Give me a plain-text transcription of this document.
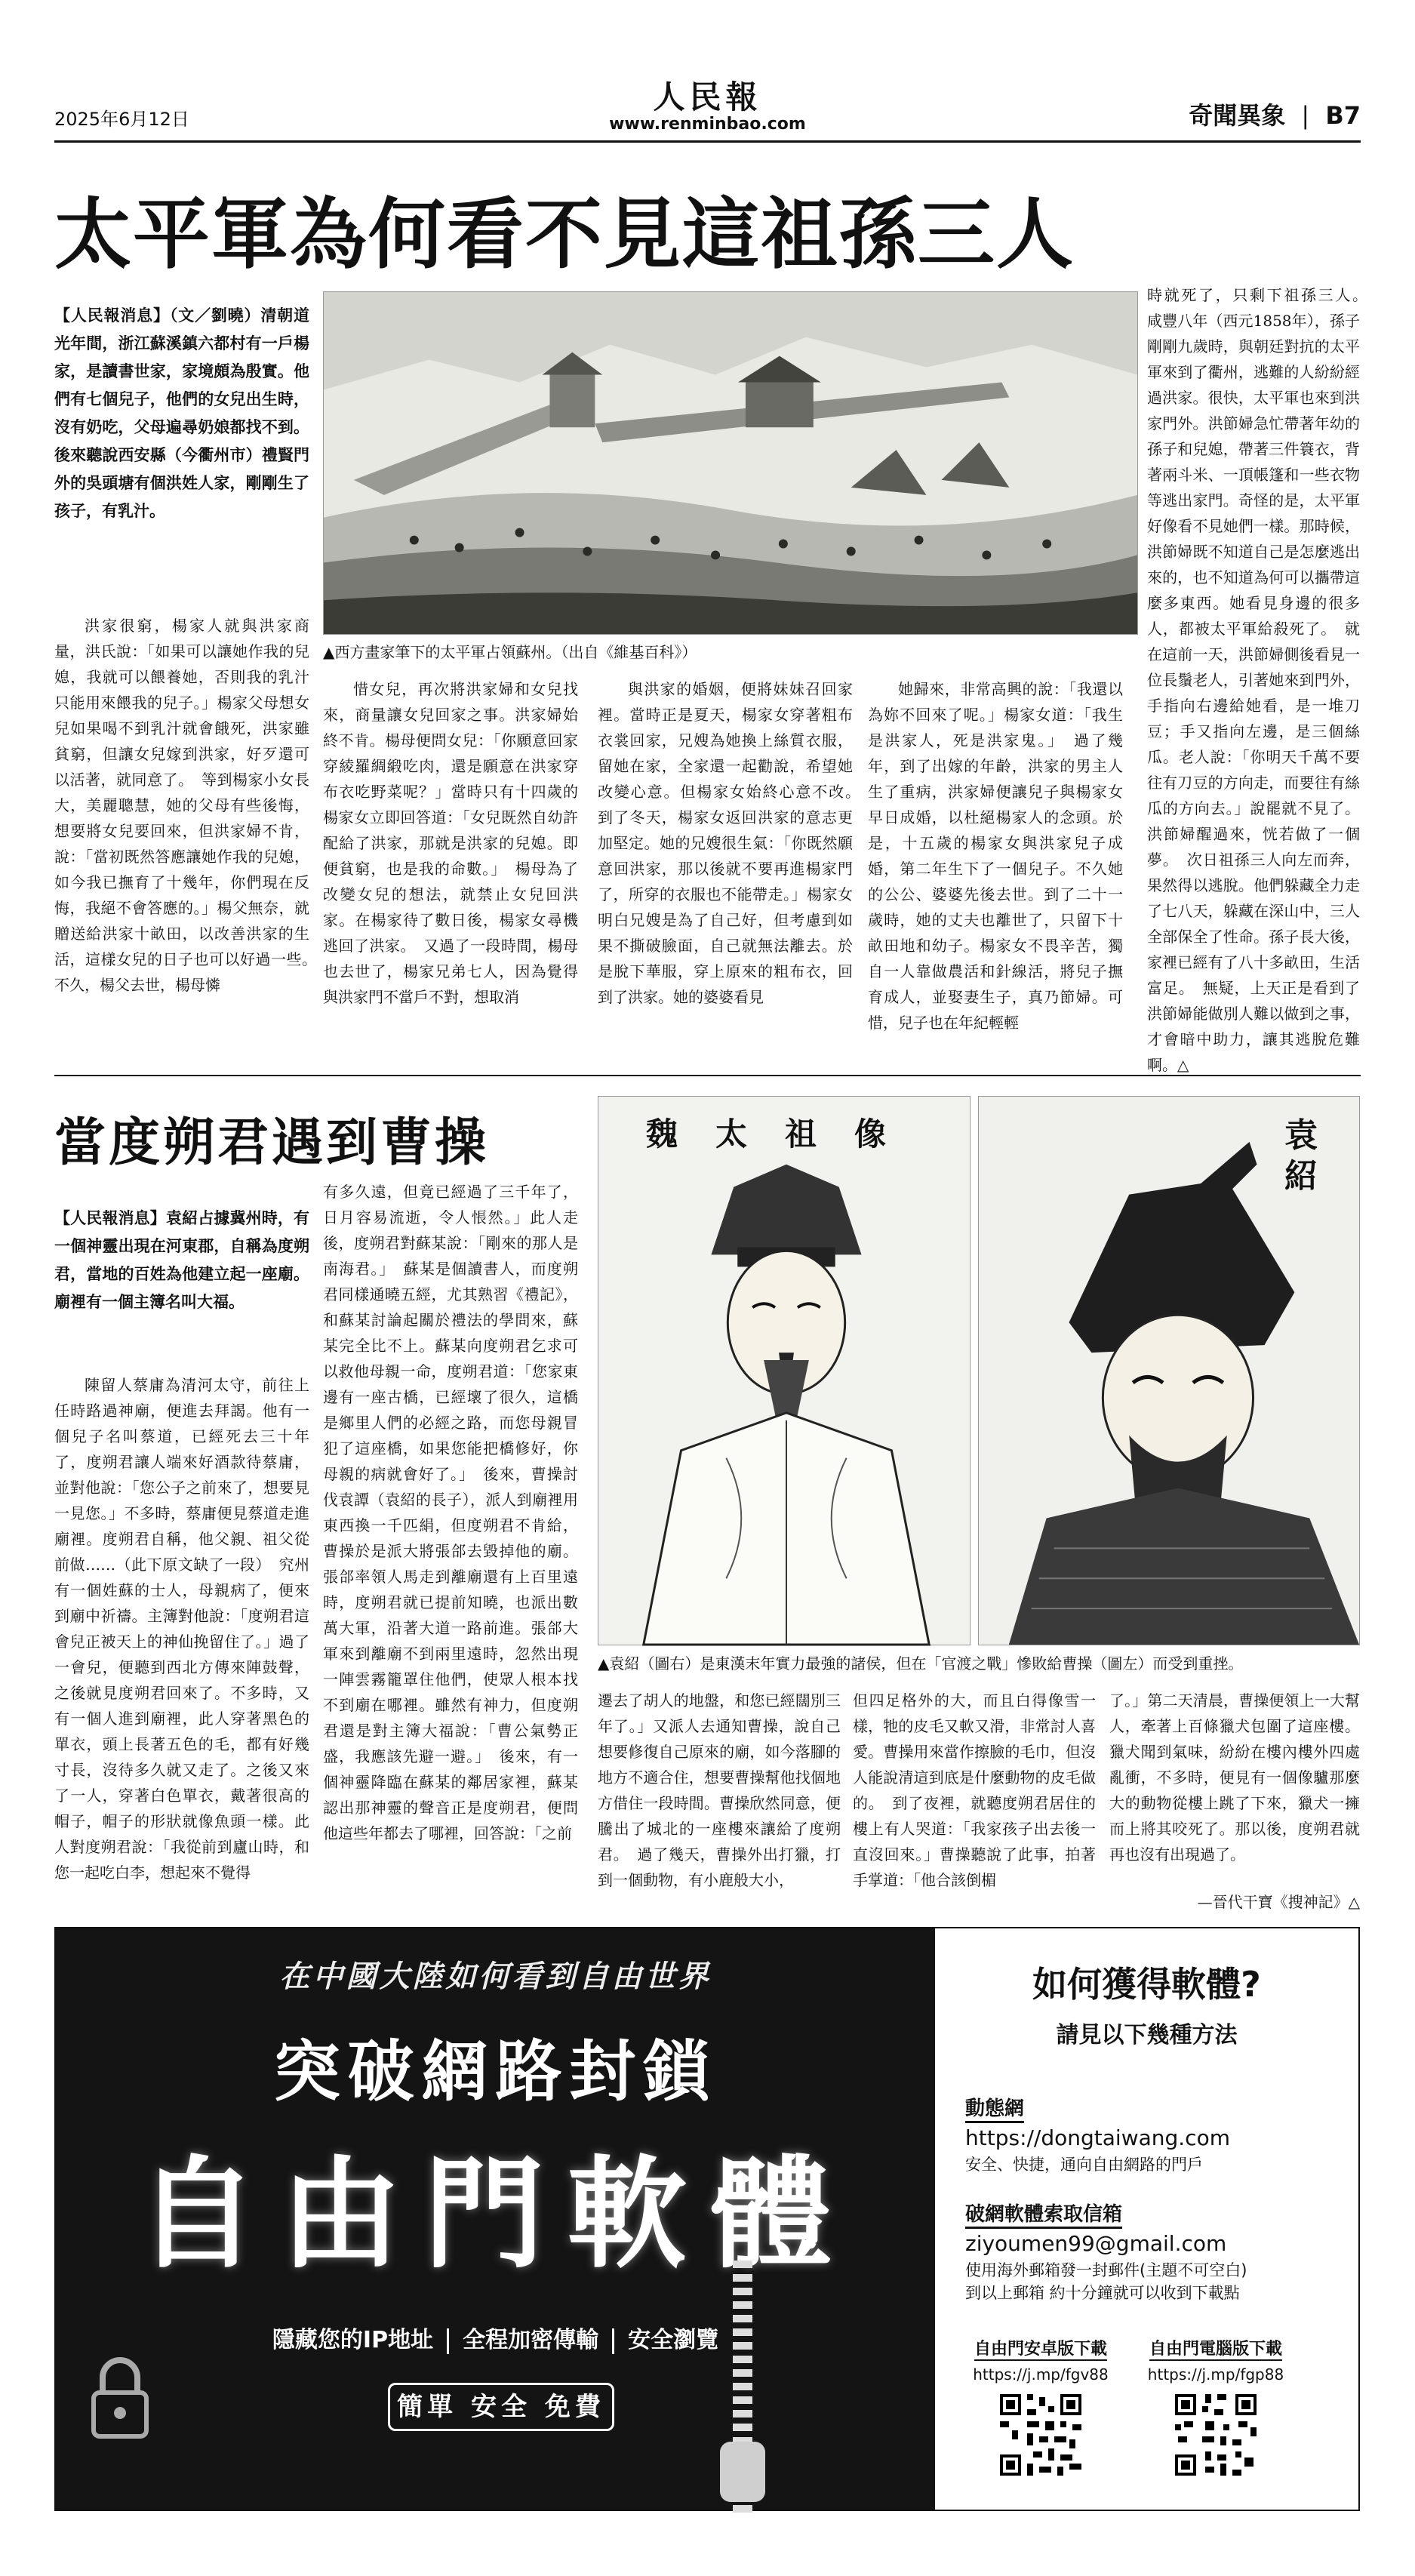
2025年6月12日
人民報
www.renminbao.com	奇聞異象 | B7
太平軍為何看不見這祖孫三人
【人民報消息】（文／劉曉）清朝道光年間，浙江蘇溪鎮六都村有一戶楊家，是讀書世家，家境頗為殷實。他們有七個兒子，他們的女兒出生時，沒有奶吃，父母遍尋奶娘都找不到。後來聽說西安縣（今衢州市）禮賢門外的吳頭塘有個洪姓人家，剛剛生了孩子，有乳汁。
▲西方畫家筆下的太平軍占領蘇州。（出自《維基百科》）
洪家很窮，楊家人就與洪家商量，洪氏說：「如果可以讓她作我的兒媳，我就可以餵養她，否則我的乳汁只能用來餵我的兒子。」楊家父母想女兒如果喝不到乳汁就會餓死，洪家雖貧窮，但讓女兒嫁到洪家，好歹還可以活著，就同意了。　等到楊家小女長大，美麗聰慧，她的父母有些後悔，想要將女兒要回來，但洪家婦不肯，說：「當初既然答應讓她作我的兒媳，如今我已撫育了十幾年，你們現在反悔，我絕不會答應的。」楊父無奈，就贈送給洪家十畝田，以改善洪家的生活，這樣女兒的日子也可以好過一些。　不久，楊父去世，楊母憐
惜女兒，再次將洪家婦和女兒找來，商量讓女兒回家之事。洪家婦始終不肯。楊母便問女兒：「你願意回家穿綾羅綢緞吃肉，還是願意在洪家穿布衣吃野菜呢？」當時只有十四歲的楊家女立即回答道：「女兒既然自幼許配給了洪家，那就是洪家的兒媳。即便貧窮，也是我的命數。」　楊母為了改變女兒的想法，就禁止女兒回洪家。在楊家待了數日後，楊家女尋機逃回了洪家。　又過了一段時間，楊母也去世了，楊家兄弟七人，因為覺得與洪家門不當戶不對，想取消
與洪家的婚姻，便將妹妹召回家裡。當時正是夏天，楊家女穿著粗布衣裳回家，兄嫂為她換上絲質衣服，留她在家，全家還一起勸說，希望她改變心意。但楊家女始終心意不改。　到了冬天，楊家女返回洪家的意志更加堅定。她的兄嫂很生氣：「你既然願意回洪家，那以後就不要再進楊家門了，所穿的衣服也不能帶走。」楊家女明白兄嫂是為了自己好，但考慮到如果不撕破臉面，自己就無法離去。於是脫下華服，穿上原來的粗布衣，回到了洪家。她的婆婆看見
她歸來，非常高興的說：「我還以為妳不回來了呢。」楊家女道：「我生是洪家人，死是洪家鬼。」　過了幾年，到了出嫁的年齡，洪家的男主人生了重病，洪家婦便讓兒子與楊家女早日成婚，以杜絕楊家人的念頭。於是，十五歲的楊家女與洪家兒子成婚，第二年生下了一個兒子。不久她的公公、婆婆先後去世。到了二十一歲時，她的丈夫也離世了，只留下十畝田地和幼子。楊家女不畏辛苦，獨自一人靠做農活和針線活，將兒子撫育成人，並娶妻生子，真乃節婦。可惜，兒子也在年紀輕輕
時就死了，只剩下祖孫三人。　咸豐八年（西元1858年），孫子剛剛九歲時，與朝廷對抗的太平軍來到了衢州，逃難的人紛紛經過洪家。很快，太平軍也來到洪家門外。洪節婦急忙帶著年幼的孫子和兒媳，帶著三件簑衣，背著兩斗米、一頂帳篷和一些衣物等逃出家門。奇怪的是，太平軍好像看不見她們一樣。那時候，洪節婦既不知道自己是怎麼逃出來的，也不知道為何可以攜帶這麼多東西。她看見身邊的很多人，都被太平軍給殺死了。　就在這前一天，洪節婦側後看見一位長鬚老人，引著她來到門外，手指向右邊給她看，是一堆刀豆；手又指向左邊，是三個絲瓜。老人說：「你明天千萬不要往有刀豆的方向走，而要往有絲瓜的方向去。」說罷就不見了。洪節婦醒過來，恍若做了一個夢。　次日祖孫三人向左而奔，果然得以逃脫。他們躲藏全力走了七八天，躲藏在深山中，三人全部保全了性命。孫子長大後，家裡已經有了八十多畝田，生活富足。　無疑，上天正是看到了洪節婦能做別人難以做到之事，才會暗中助力，讓其逃脫危難啊。△
當度朔君遇到曹操
【人民報消息】袁紹占據冀州時，有一個神靈出現在河東郡，自稱為度朔君，當地的百姓為他建立起一座廟。廟裡有一個主簿名叫大福。
陳留人蔡庸為清河太守，前往上任時路過神廟，便進去拜謁。他有一個兒子名叫蔡道，已經死去三十年了，度朔君讓人端來好酒款待蔡庸，並對他說：「您公子之前來了，想要見一見您。」不多時，蔡庸便見蔡道走進廟裡。度朔君自稱，他父親、祖父從前做……（此下原文缺了一段）　究州有一個姓蘇的士人，母親病了，便來到廟中祈禱。主簿對他說：「度朔君這會兒正被天上的神仙挽留住了。」過了一會兒，便聽到西北方傳來陣鼓聲，之後就見度朔君回來了。不多時，又有一個人進到廟裡，此人穿著黑色的單衣，頭上長著五色的毛，都有好幾寸長，沒待多久就又走了。之後又來了一人，穿著白色單衣，戴著很高的帽子，帽子的形狀就像魚頭一樣。此人對度朔君說：「我從前到廬山時，和您一起吃白李，想起來不覺得
有多久遠，但竟已經過了三千年了，日月容易流逝，令人悵然。」此人走後，度朔君對蘇某說：「剛來的那人是南海君。」　蘇某是個讀書人，而度朔君同樣通曉五經，尤其熟習《禮記》，和蘇某討論起關於禮法的學問來，蘇某完全比不上。蘇某向度朔君乞求可以救他母親一命，度朔君道：「您家東邊有一座古橋，已經壞了很久，這橋是鄉里人們的必經之路，而您母親冒犯了這座橋，如果您能把橋修好，你母親的病就會好了。」　後來，曹操討伐袁譚（袁紹的長子），派人到廟裡用東西換一千匹絹，但度朔君不肯給，曹操於是派大將張郃去毀掉他的廟。張郃率領人馬走到離廟還有上百里遠時，度朔君就已提前知曉，也派出數萬大軍，沿著大道一路前進。張郃大軍來到離廟不到兩里遠時，忽然出現一陣雲霧籠罩住他們，使眾人根本找不到廟在哪裡。雖然有神力，但度朔君還是對主簿大福說：「曹公氣勢正盛，我應該先避一避。」　後來，有一個神靈降臨在蘇某的鄰居家裡，蘇某認出那神靈的聲音正是度朔君，便問他這些年都去了哪裡，回答說：「之前
魏太祖像	袁紹
▲袁紹（圖右）是東漢末年實力最強的諸侯，但在「官渡之戰」慘敗給曹操（圖左）而受到重挫。
遷去了胡人的地盤，和您已經闊別三年了。」又派人去通知曹操，說自己想要修復自己原來的廟，如今落腳的地方不適合住，想要曹操幫他找個地方借住一段時間。曹操欣然同意，便騰出了城北的一座樓來讓給了度朔君。　過了幾天，曹操外出打獵，打到一個動物，有小鹿般大小，
但四足格外的大，而且白得像雪一樣，牠的皮毛又軟又滑，非常討人喜愛。曹操用來當作擦臉的毛巾，但沒人能說清這到底是什麼動物的皮毛做的。　到了夜裡，就聽度朔君居住的樓上有人哭道：「我家孩子出去後一直沒回來。」曹操聽說了此事，拍著手掌道：「他合該倒楣
了。」第二天清晨，曹操便領上一大幫人，牽著上百條獵犬包圍了這座樓。獵犬聞到氣味，紛紛在樓內樓外四處亂衝，不多時，便見有一個像驢那麼大的動物從樓上跳了下來，獵犬一擁而上將其咬死了。那以後，度朔君就再也沒有出現過了。
—晉代干寶《搜神記》△
在中國大陸如何看到自由世界
突破網路封鎖
自由門軟體
隱藏您的IP地址 全程加密傳輸 安全瀏覽
簡單 安全 免費
如何獲得軟體?
請見以下幾種方法
動態網
https://dongtaiwang.com
安全、快捷，通向自由網路的門戶
破網軟體索取信箱
ziyoumen99@gmail.com
使用海外郵箱發一封郵件(主題不可空白)
到以上郵箱 約十分鐘就可以收到下載點
自由門安卓版下載
https://j.mp/fgv88
自由門電腦版下載
https://j.mp/fgp88
